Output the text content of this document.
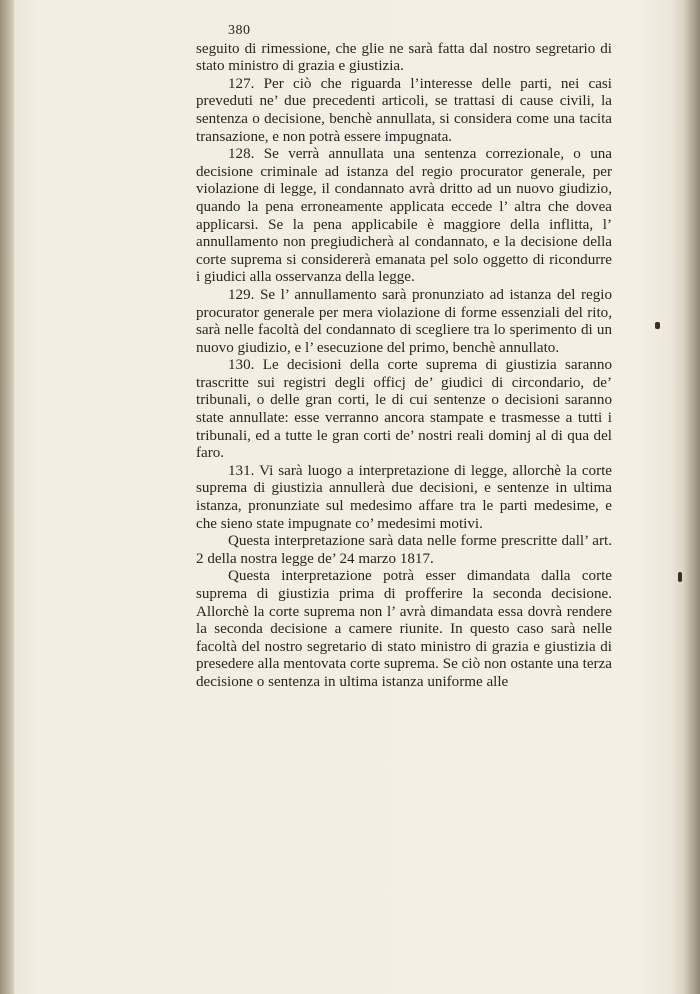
380

seguito di rimessione, che glie ne sarà fatta dal nostro segretario di stato ministro di grazia e giustizia.

127. Per ciò che riguarda l’interesse delle parti, nei casi preveduti ne’ due precedenti articoli, se trattasi di cause civili, la sentenza o decisione, benchè annullata, si considera come una tacita transazione, e non potrà essere impugnata.

128. Se verrà annullata una sentenza correzionale, o una decisione criminale ad istanza del regio procurator generale, per violazione di legge, il condannato avrà dritto ad un nuovo giudizio, quando la pena erroneamente applicata eccede l’ altra che dovea applicarsi. Se la pena applicabile è maggiore della inflitta, l’ annullamento non pregiudicherà al condannato, e la decisione della corte suprema si considererà emanata pel solo oggetto di ricondurre i giudici alla osservanza della legge.

129. Se l’ annullamento sarà pronunziato ad istanza del regio procurator generale per mera violazione di forme essenziali del rito, sarà nelle facoltà del condannato di scegliere tra lo sperimento di un nuovo giudizio, e l’ esecuzione del primo, benchè annullato.

130. Le decisioni della corte suprema di giustizia saranno trascritte sui registri degli officj de’ giudici di circondario, de’ tribunali, o delle gran corti, le di cui sentenze o decisioni saranno state annullate: esse verranno ancora stampate e trasmesse a tutti i tribunali, ed a tutte le gran corti de’ nostri reali dominj al di qua del faro.

131. Vi sarà luogo a interpretazione di legge, allorchè la corte suprema di giustizia annullerà due decisioni, e sentenze in ultima istanza, pronunziate sul medesimo affare tra le parti medesime, e che sieno state impugnate co’ medesimi motivi.

Questa interpretazione sarà data nelle forme prescritte dall’ art. 2 della nostra legge de’ 24 marzo 1817.

Questa interpretazione potrà esser dimandata dalla corte suprema di giustizia prima di profferire la seconda decisione. Allorchè la corte suprema non l’ avrà dimandata essa dovrà rendere la seconda decisione a camere riunite. In questo caso sarà nelle facoltà del nostro segretario di stato ministro di grazia e giustizia di presedere alla mentovata corte suprema. Se ciò non ostante una terza decisione o sentenza in ultima istanza uniforme alle
